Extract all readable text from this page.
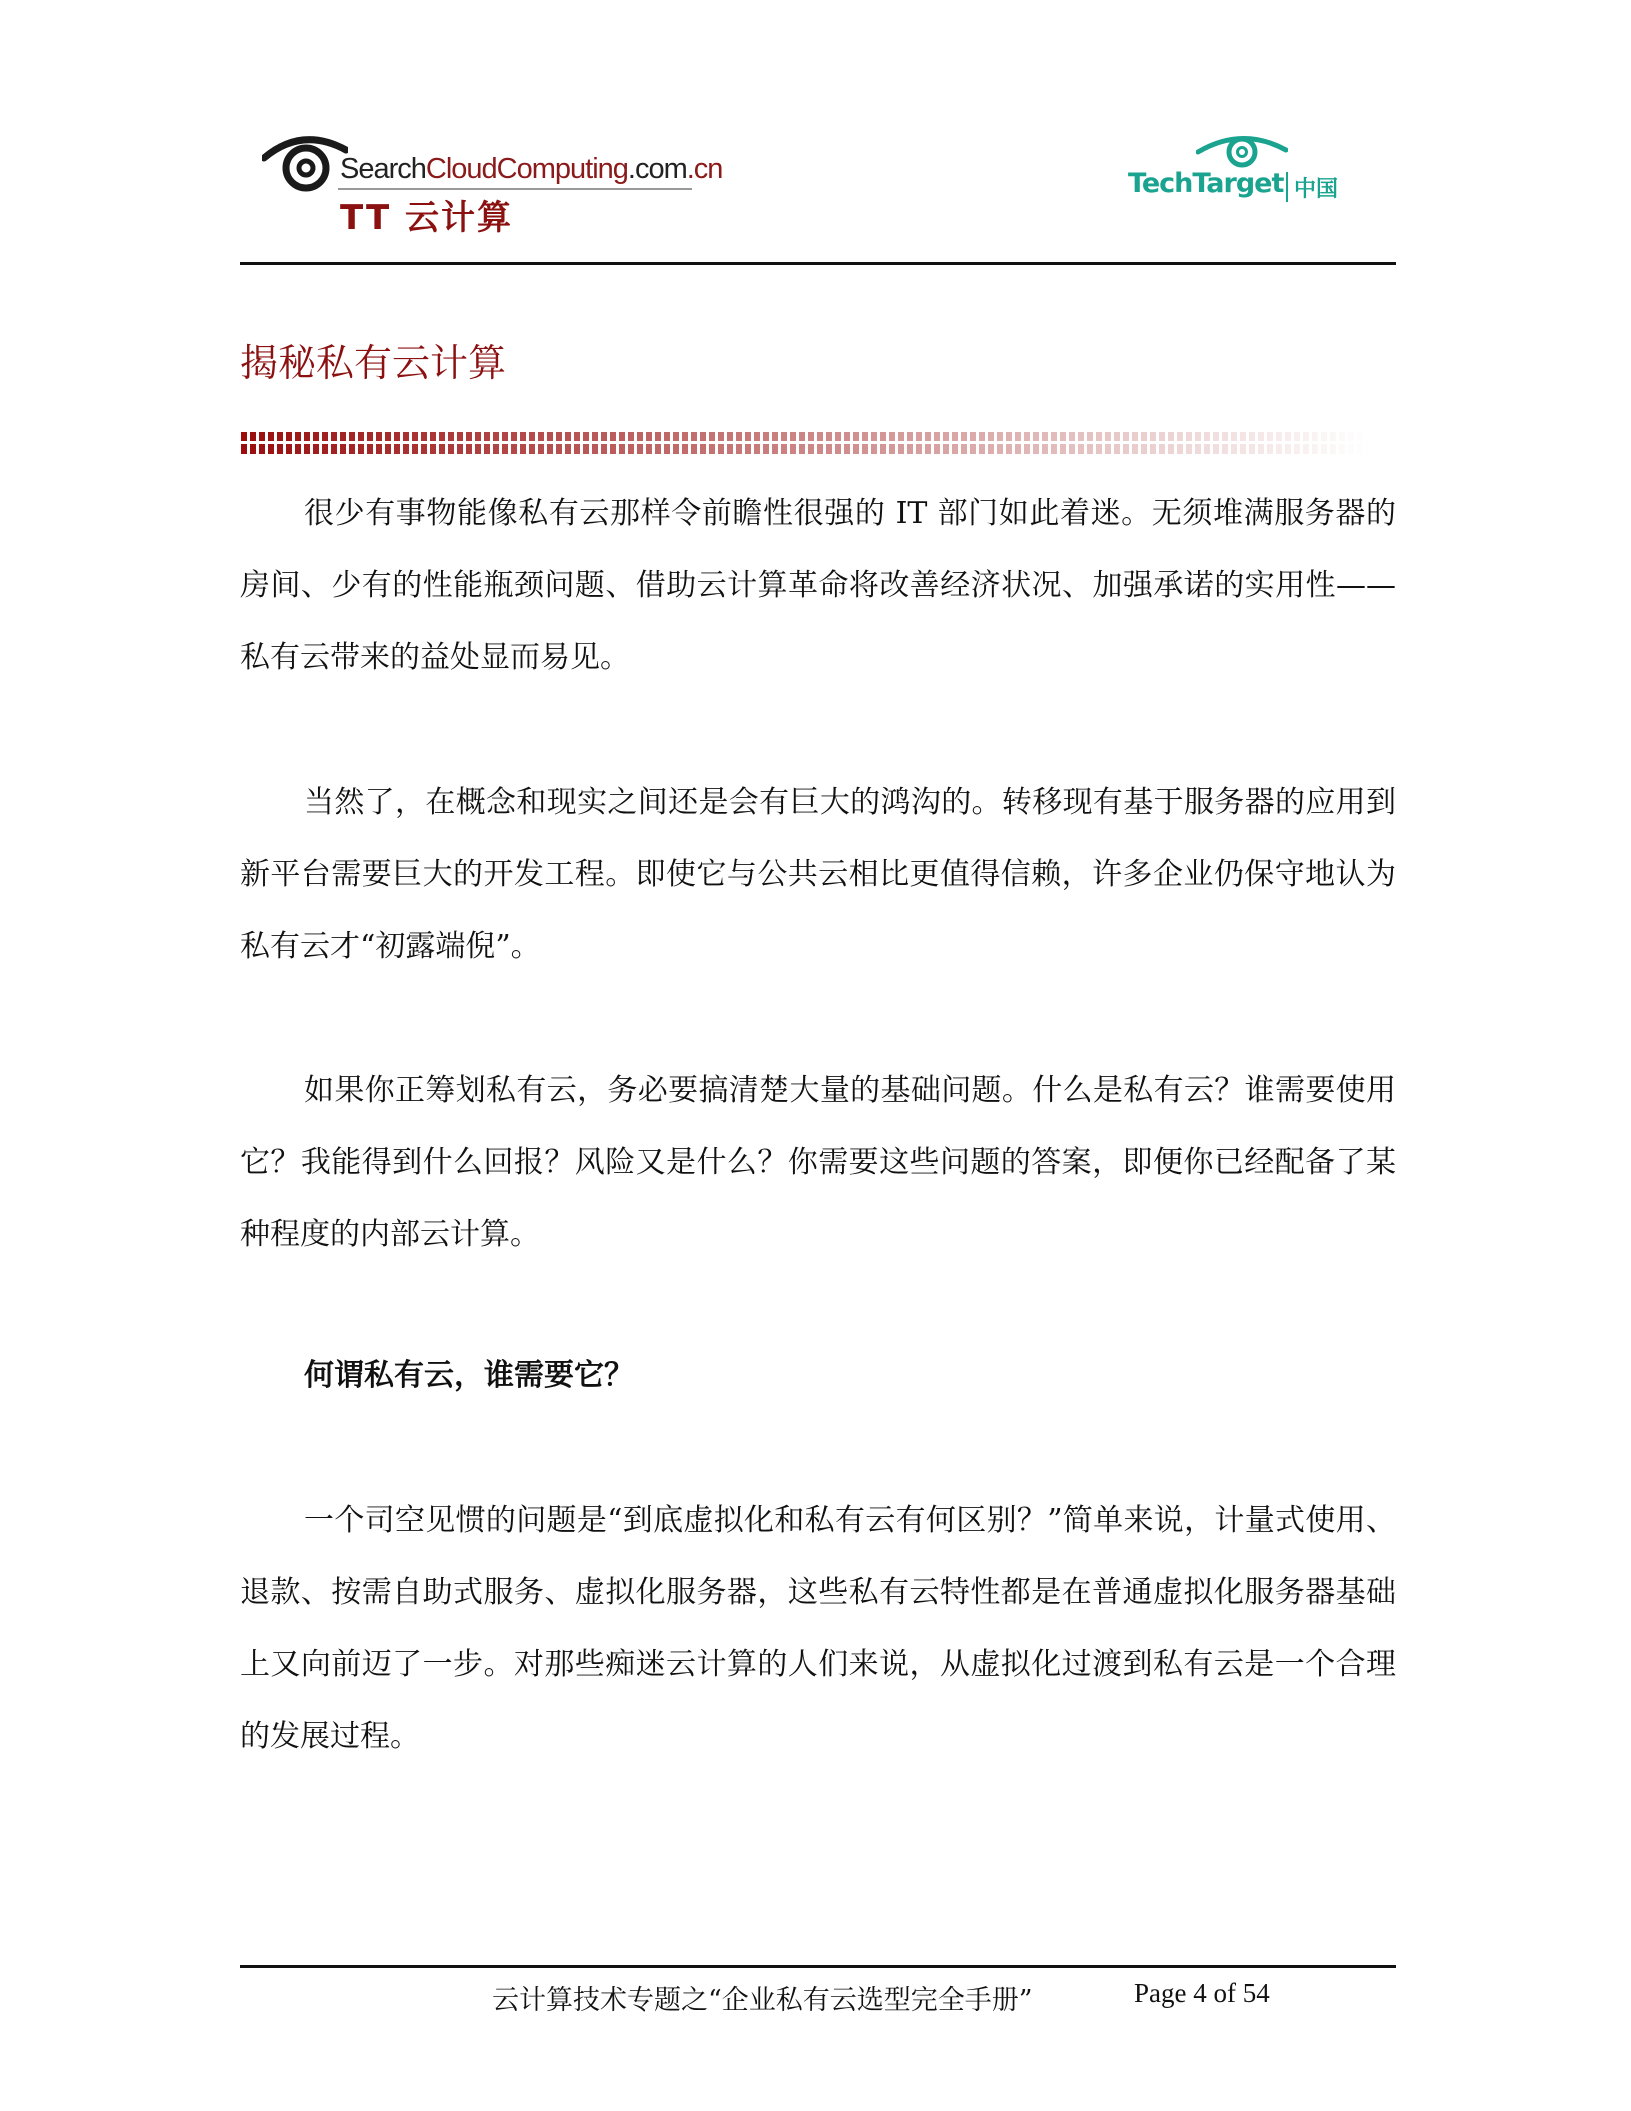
SearchCloudComputing.com.cn
TT 云计算
TechTarget 中国
揭秘私有云计算

很少有事物能像私有云那样令前瞻性很强的 IT 部门如此着迷。无须堆满服务器的房间、少有的性能瓶颈问题、借助云计算革命将改善经济状况、加强承诺的实用性——私有云带来的益处显而易见。

当然了，在概念和现实之间还是会有巨大的鸿沟的。转移现有基于服务器的应用到新平台需要巨大的开发工程。即使它与公共云相比更值得信赖，许多企业仍保守地认为私有云才“初露端倪”。

如果你正筹划私有云，务必要搞清楚大量的基础问题。什么是私有云？谁需要使用它？我能得到什么回报？风险又是什么？你需要这些问题的答案，即便你已经配备了某种程度的内部云计算。

何谓私有云，谁需要它？

一个司空见惯的问题是“到底虚拟化和私有云有何区别？”简单来说，计量式使用、退款、按需自助式服务、虚拟化服务器，这些私有云特性都是在普通虚拟化服务器基础上又向前迈了一步。对那些痴迷云计算的人们来说，从虚拟化过渡到私有云是一个合理的发展过程。

云计算技术专题之“企业私有云选型完全手册”	Page 4 of 54
